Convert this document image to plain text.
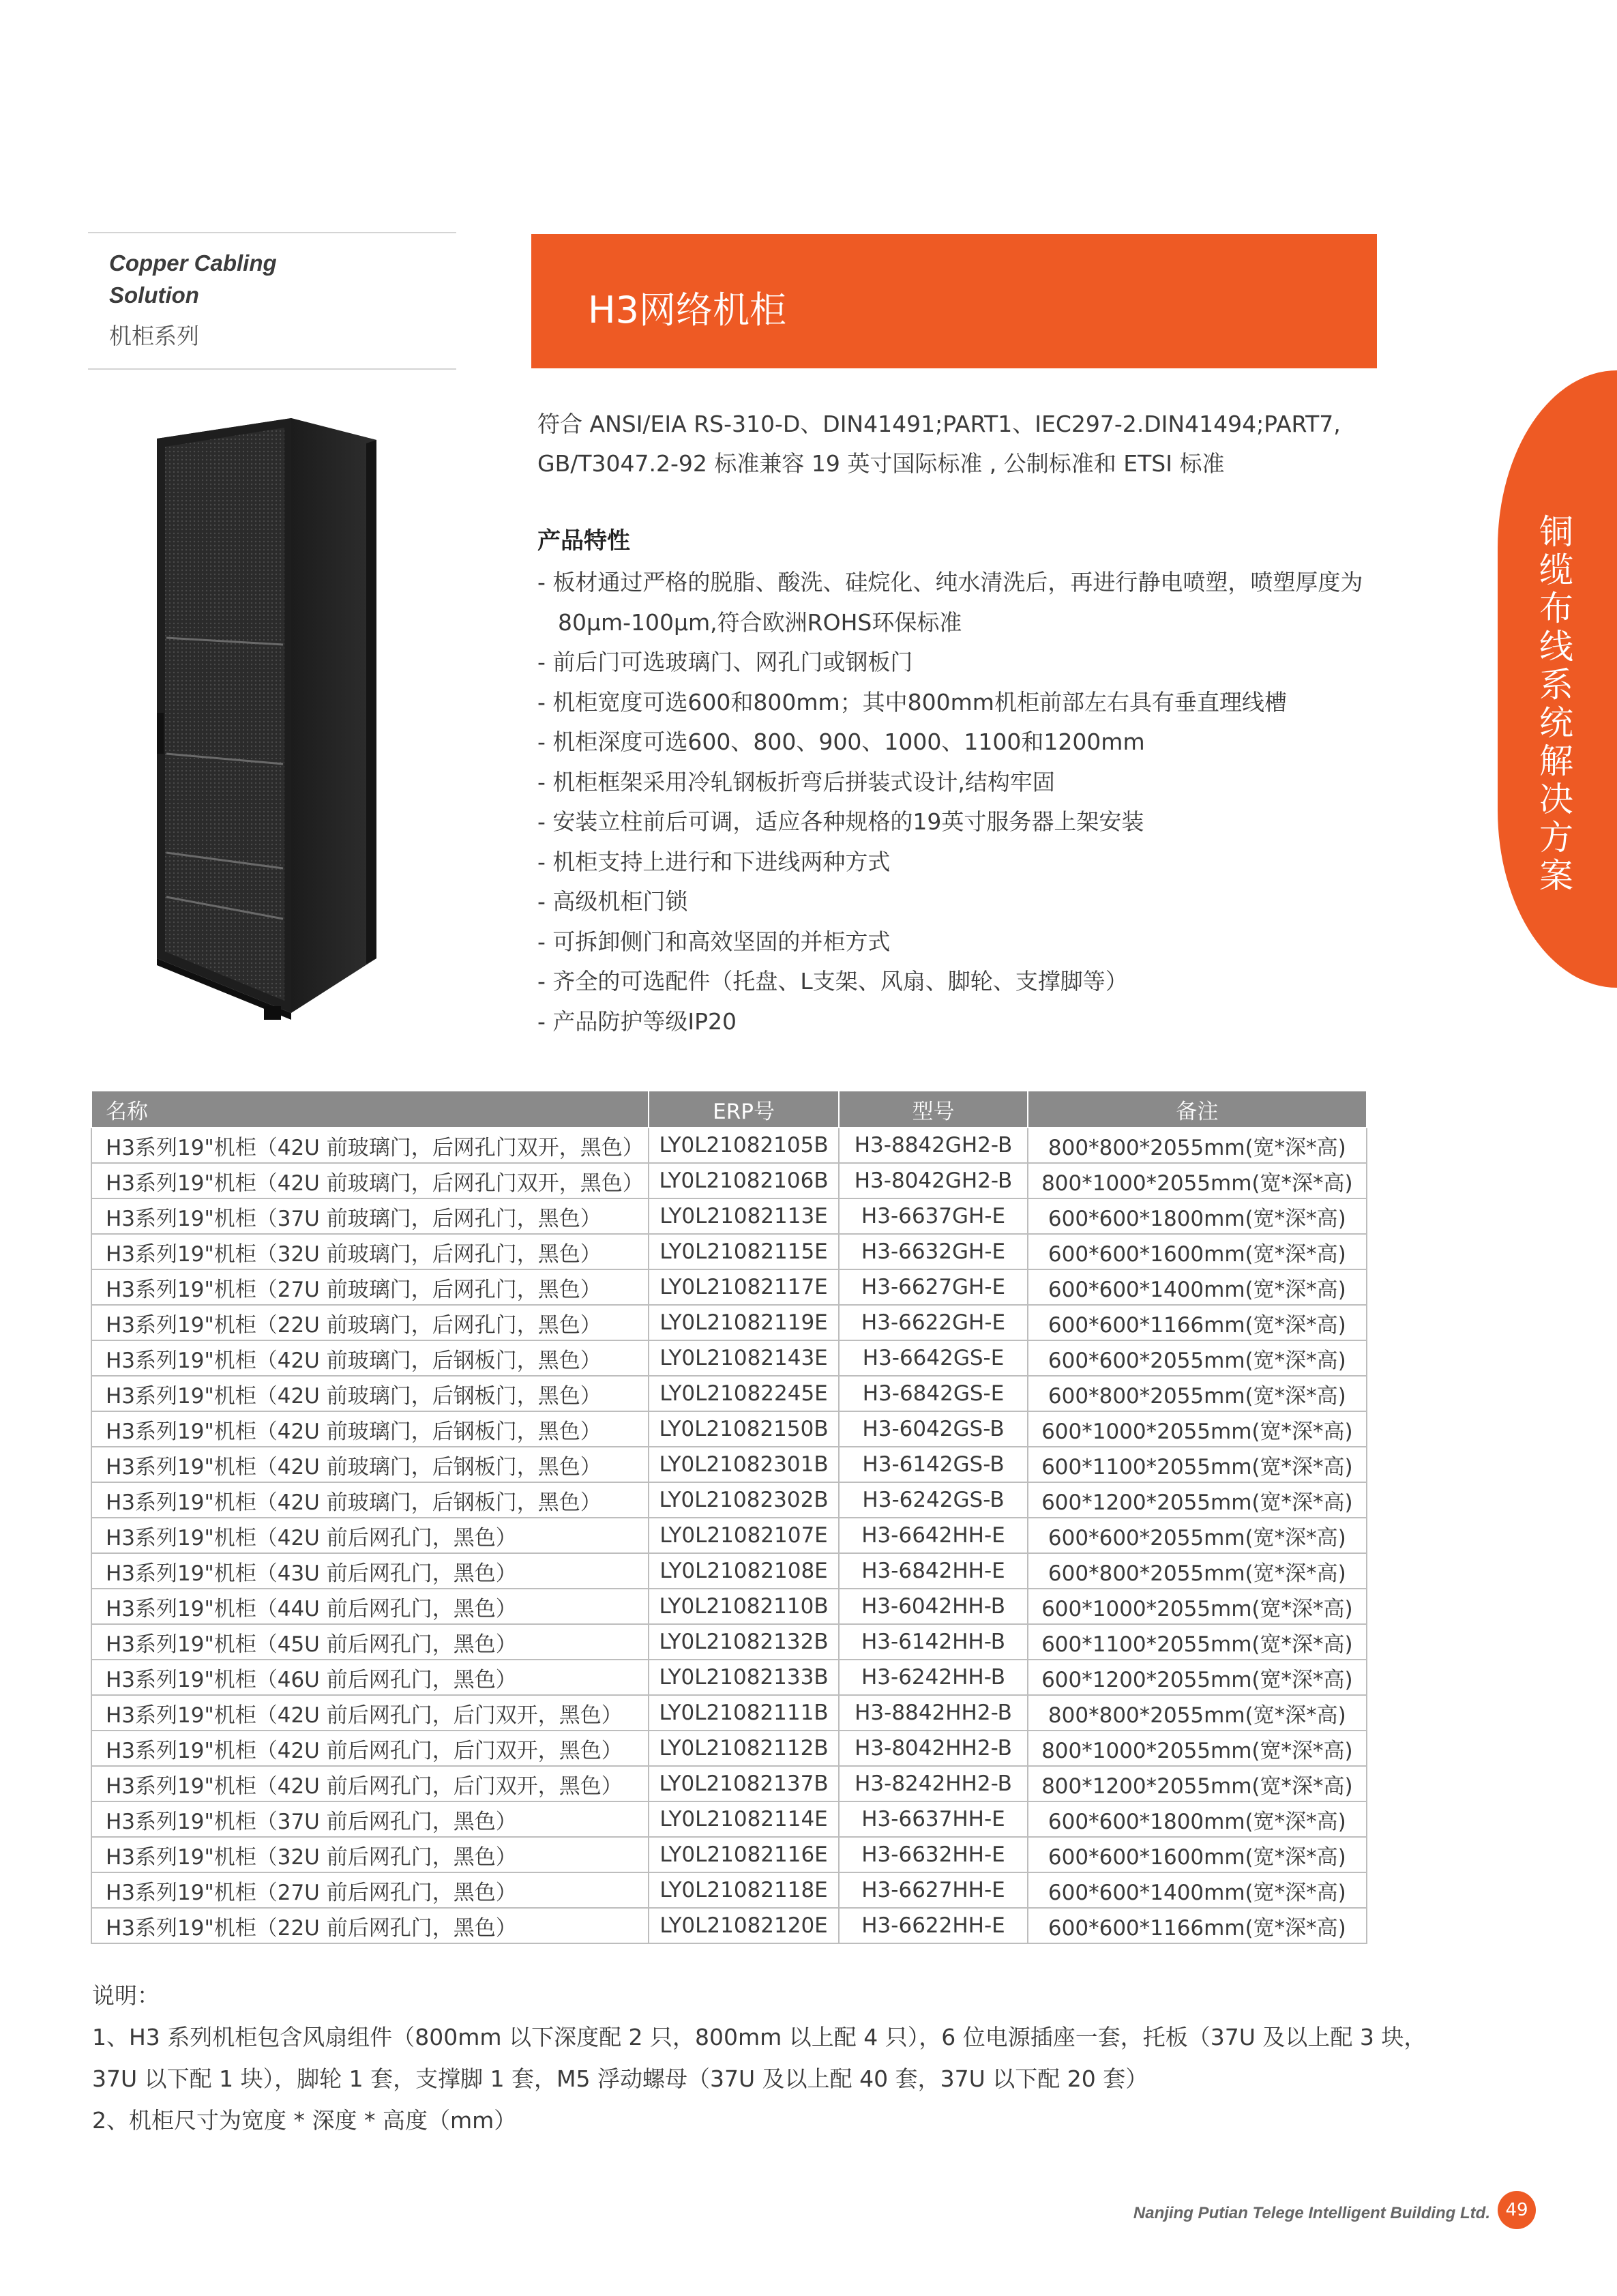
Copper Cabling
Solution
机柜系列
H3网络机柜
铜
缆
布
线
系
统
解
决
方
案
符合 ANSI/EIA RS-310-D、DIN41491;PART1、IEC297-2.DIN41494;PART7,
GB/T3047.2-92 标准兼容 19 英寸国际标准 , 公制标准和 ETSI 标准
产品特性
- 板材通过严格的脱脂、酸洗、硅烷化、纯水清洗后，再进行静电喷塑，喷塑厚度为80μm-100μm,符合欧洲ROHS环保标准
- 前后门可选玻璃门、网孔门或钢板门
- 机柜宽度可选600和800mm；其中800mm机柜前部左右具有垂直理线槽
- 机柜深度可选600、800、900、1000、1100和1200mm
- 机柜框架采用冷轧钢板折弯后拼装式设计,结构牢固
- 安装立柱前后可调，适应各种规格的19英寸服务器上架安装
- 机柜支持上进行和下进线两种方式
- 高级机柜门锁
- 可拆卸侧门和高效坚固的并柜方式
- 齐全的可选配件（托盘、L支架、风扇、脚轮、支撑脚等）
- 产品防护等级IP20
名称	ERP号	型号	备注
H3系列19"机柜（42U 前玻璃门，后网孔门双开，黑色）	LY0L21082105B	H3-8842GH2-B	800*800*2055mm(宽*深*高)
H3系列19"机柜（42U 前玻璃门，后网孔门双开，黑色）	LY0L21082106B	H3-8042GH2-B	800*1000*2055mm(宽*深*高)
H3系列19"机柜（37U 前玻璃门，后网孔门，黑色）	LY0L21082113E	H3-6637GH-E	600*600*1800mm(宽*深*高)
H3系列19"机柜（32U 前玻璃门，后网孔门，黑色）	LY0L21082115E	H3-6632GH-E	600*600*1600mm(宽*深*高)
H3系列19"机柜（27U 前玻璃门，后网孔门，黑色）	LY0L21082117E	H3-6627GH-E	600*600*1400mm(宽*深*高)
H3系列19"机柜（22U 前玻璃门，后网孔门，黑色）	LY0L21082119E	H3-6622GH-E	600*600*1166mm(宽*深*高)
H3系列19"机柜（42U 前玻璃门，后钢板门，黑色）	LY0L21082143E	H3-6642GS-E	600*600*2055mm(宽*深*高)
H3系列19"机柜（42U 前玻璃门，后钢板门，黑色）	LY0L21082245E	H3-6842GS-E	600*800*2055mm(宽*深*高)
H3系列19"机柜（42U 前玻璃门，后钢板门，黑色）	LY0L21082150B	H3-6042GS-B	600*1000*2055mm(宽*深*高)
H3系列19"机柜（42U 前玻璃门，后钢板门，黑色）	LY0L21082301B	H3-6142GS-B	600*1100*2055mm(宽*深*高)
H3系列19"机柜（42U 前玻璃门，后钢板门，黑色）	LY0L21082302B	H3-6242GS-B	600*1200*2055mm(宽*深*高)
H3系列19"机柜（42U 前后网孔门，黑色）	LY0L21082107E	H3-6642HH-E	600*600*2055mm(宽*深*高)
H3系列19"机柜（43U 前后网孔门，黑色）	LY0L21082108E	H3-6842HH-E	600*800*2055mm(宽*深*高)
H3系列19"机柜（44U 前后网孔门，黑色）	LY0L21082110B	H3-6042HH-B	600*1000*2055mm(宽*深*高)
H3系列19"机柜（45U 前后网孔门，黑色）	LY0L21082132B	H3-6142HH-B	600*1100*2055mm(宽*深*高)
H3系列19"机柜（46U 前后网孔门，黑色）	LY0L21082133B	H3-6242HH-B	600*1200*2055mm(宽*深*高)
H3系列19"机柜（42U 前后网孔门，后门双开，黑色）	LY0L21082111B	H3-8842HH2-B	800*800*2055mm(宽*深*高)
H3系列19"机柜（42U 前后网孔门，后门双开，黑色）	LY0L21082112B	H3-8042HH2-B	800*1000*2055mm(宽*深*高)
H3系列19"机柜（42U 前后网孔门，后门双开，黑色）	LY0L21082137B	H3-8242HH2-B	800*1200*2055mm(宽*深*高)
H3系列19"机柜（37U 前后网孔门，黑色）	LY0L21082114E	H3-6637HH-E	600*600*1800mm(宽*深*高)
H3系列19"机柜（32U 前后网孔门，黑色）	LY0L21082116E	H3-6632HH-E	600*600*1600mm(宽*深*高)
H3系列19"机柜（27U 前后网孔门，黑色）	LY0L21082118E	H3-6627HH-E	600*600*1400mm(宽*深*高)
H3系列19"机柜（22U 前后网孔门，黑色）	LY0L21082120E	H3-6622HH-E	600*600*1166mm(宽*深*高)
说明：
1、H3 系列机柜包含风扇组件（800mm 以下深度配 2 只，800mm 以上配 4 只），6 位电源插座一套，托板（37U 及以上配 3 块，
37U 以下配 1 块），脚轮 1 套，支撑脚 1 套，M5 浮动螺母（37U 及以上配 40 套，37U 以下配 20 套）
2、机柜尺寸为宽度 * 深度 * 高度（mm）
Nanjing Putian Telege Intelligent Building Ltd. 49
